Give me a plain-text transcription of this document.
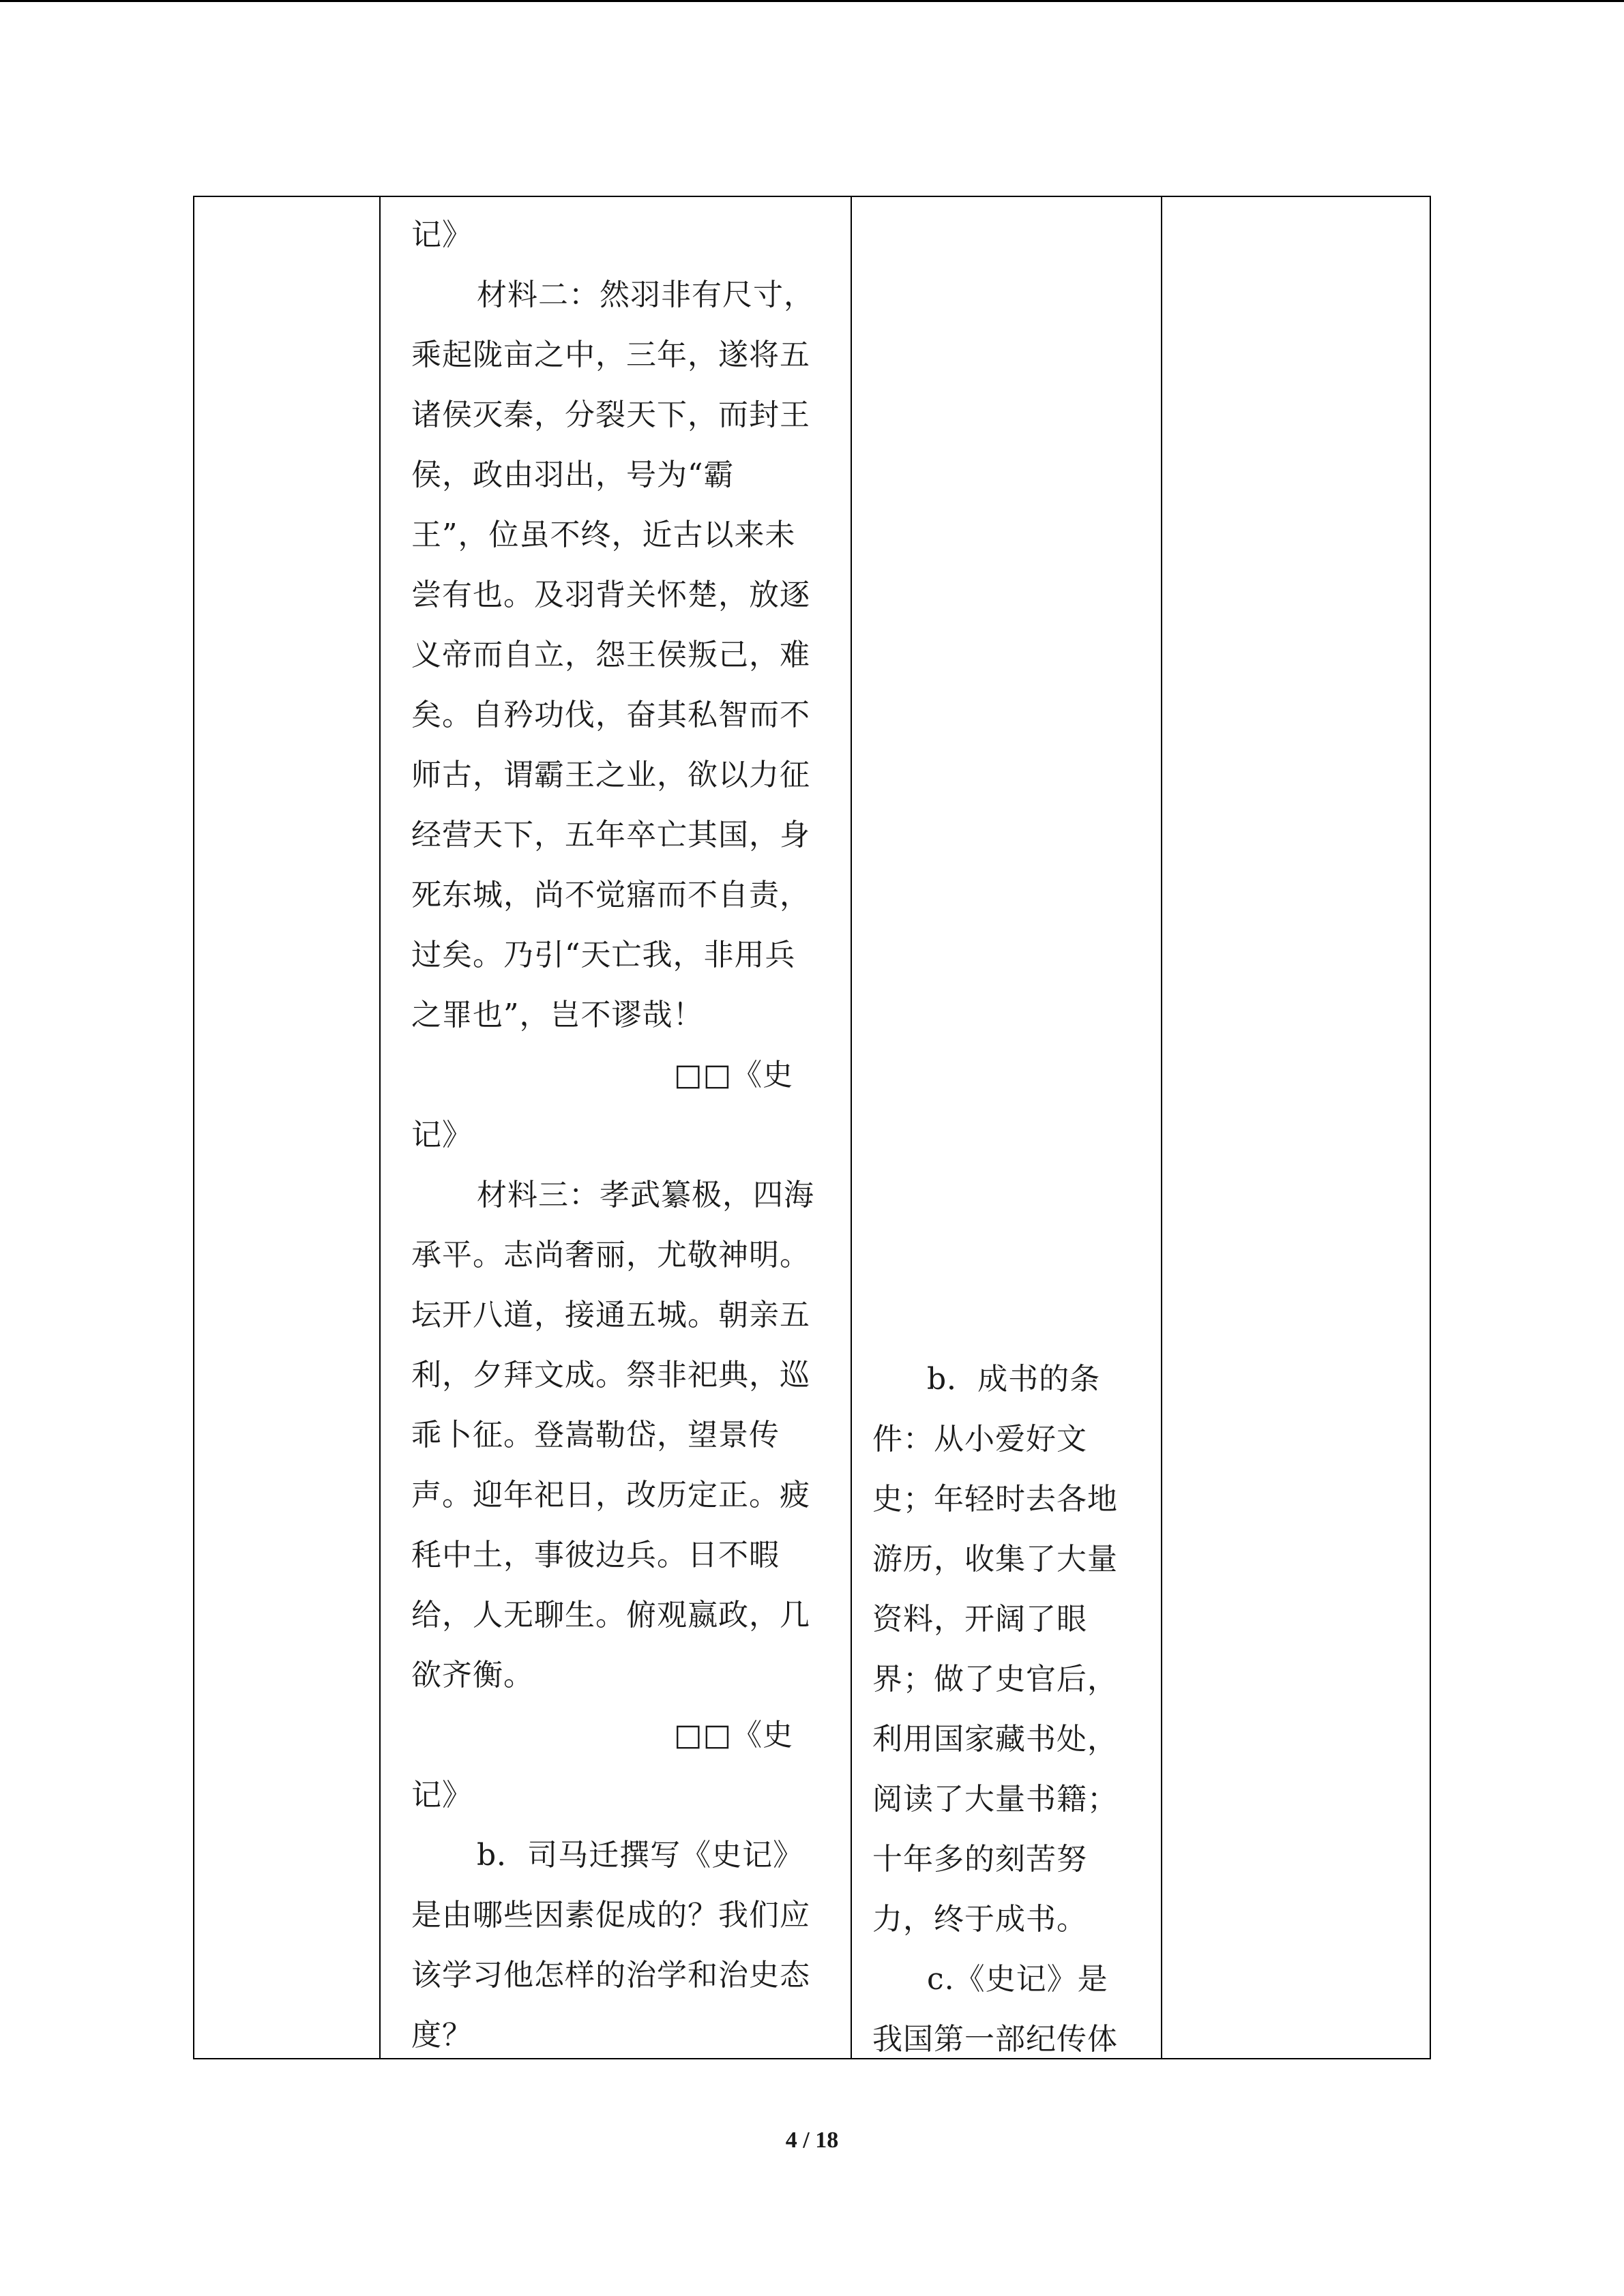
记》
材料二：然羽非有尺寸，
乘起陇亩之中，三年，遂将五
诸侯灭秦，分裂天下，而封王
侯，政由羽出，号为“霸
王”，位虽不终，近古以来未
尝有也。及羽背关怀楚，放逐
义帝而自立，怨王侯叛己，难
矣。自矜功伐，奋其私智而不
师古，谓霸王之业，欲以力征
经营天下，五年卒亡其国，身
死东城，尚不觉寤而不自责，
过矣。乃引“天亡我，非用兵
之罪也”，岂不谬哉！
□□《史
记》
材料三：孝武纂极，四海
承平。志尚奢丽，尤敬神明。
坛开八道，接通五城。朝亲五
利，夕拜文成。祭非祀典，巡
乖卜征。登嵩勒岱，望景传
声。迎年祀日，改历定正。疲
秏中土，事彼边兵。日不暇
给，人无聊生。俯观嬴政，几
欲齐衡。
□□《史
记》
b．司马迁撰写《史记》
是由哪些因素促成的？我们应
该学习他怎样的治学和治史态
度？
b．成书的条
件：从小爱好文
史；年轻时去各地
游历，收集了大量
资料，开阔了眼
界；做了史官后，
利用国家藏书处，
阅读了大量书籍；
十年多的刻苦努
力，终于成书。
c.《史记》是
我国第一部纪传体
4 / 18
